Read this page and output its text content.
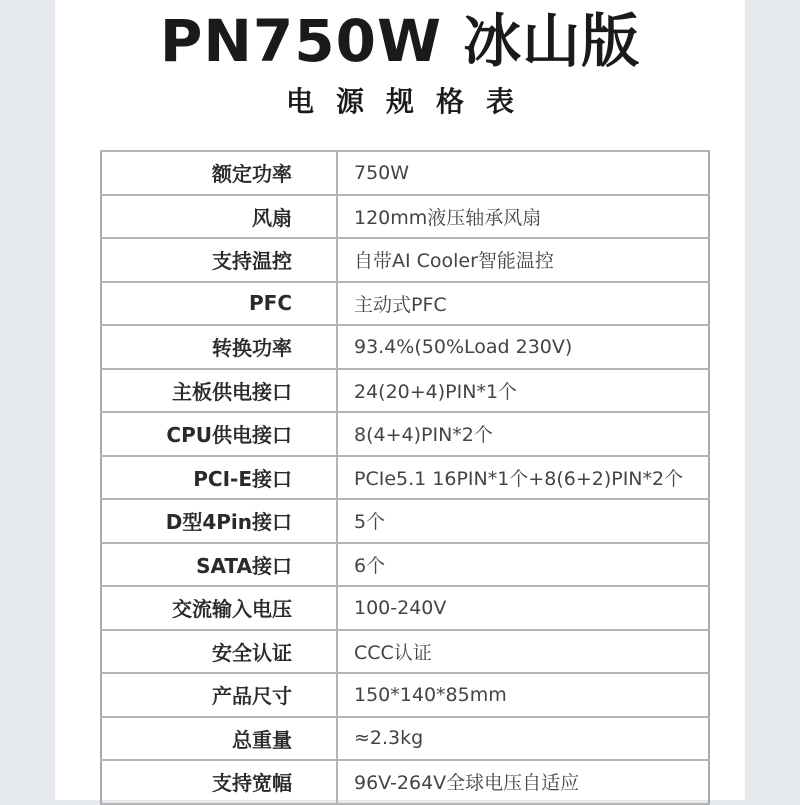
PN750W 冰山版
电源规格表
额定功率	750W
风扇	120mm液压轴承风扇
支持温控	自带AI Cooler智能温控
PFC	主动式PFC
转换功率	93.4%(50%Load 230V)
主板供电接口	24(20+4)PIN*1个
CPU供电接口	8(4+4)PIN*2个
PCI-E接口	PCIe5.1 16PIN*1个+8(6+2)PIN*2个
D型4Pin接口	5个
SATA接口	6个
交流输入电压	100-240V
安全认证	CCC认证
产品尺寸	150*140*85mm
总重量	≈2.3kg
支持宽幅	96V-264V全球电压自适应
